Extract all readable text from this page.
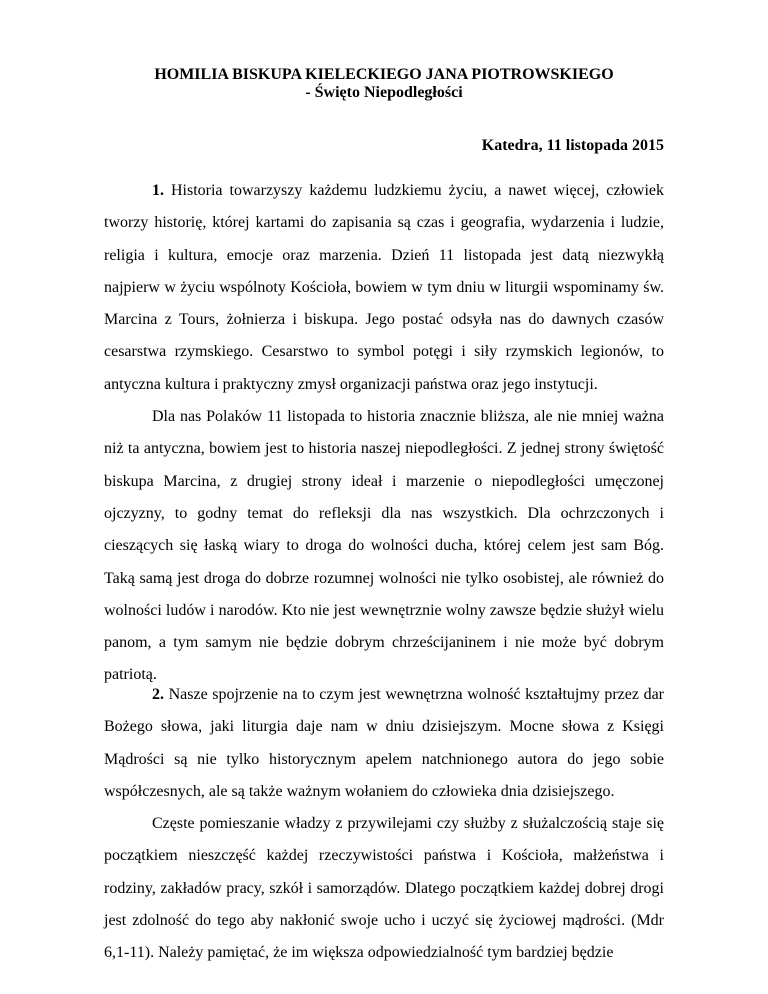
HOMILIA BISKUPA KIELECKIEGO JANA PIOTROWSKIEGO
- Święto Niepodległości
Katedra, 11 listopada 2015

1. Historia towarzyszy każdemu ludzkiemu życiu, a nawet więcej, człowiek tworzy historię, której kartami do zapisania są czas i geografia, wydarzenia i ludzie, religia i kultura, emocje oraz marzenia. Dzień 11 listopada jest datą niezwykłą najpierw w życiu wspólnoty Kościoła, bowiem w tym dniu w liturgii wspominamy św. Marcina z Tours, żołnierza i biskupa. Jego postać odsyła nas do dawnych czasów cesarstwa rzymskiego. Cesarstwo to symbol potęgi i siły rzymskich legionów, to antyczna kultura i praktyczny zmysł organizacji państwa oraz jego instytucji.

Dla nas Polaków 11 listopada to historia znacznie bliższa, ale nie mniej ważna niż ta antyczna, bowiem jest to historia naszej niepodległości. Z jednej strony świętość biskupa Marcina, z drugiej strony ideał i marzenie o niepodległości umęczonej ojczyzny, to godny temat do refleksji dla nas wszystkich. Dla ochrzczonych i cieszących się łaską wiary to droga do wolności ducha, której celem jest sam Bóg. Taką samą jest droga do dobrze rozumnej wolności nie tylko osobistej, ale również do wolności ludów i narodów. Kto nie jest wewnętrznie wolny zawsze będzie służył wielu panom, a tym samym nie będzie dobrym chrześcijaninem i nie może być dobrym patriotą.

2. Nasze spojrzenie na to czym jest wewnętrzna wolność kształtujmy przez dar Bożego słowa, jaki liturgia daje nam w dniu dzisiejszym. Mocne słowa z Księgi Mądrości są nie tylko historycznym apelem natchnionego autora do jego sobie współczesnych, ale są także ważnym wołaniem do człowieka dnia dzisiejszego.

Częste pomieszanie władzy z przywilejami czy służby z służalczością staje się początkiem nieszczęść każdej rzeczywistości państwa i Kościoła, małżeństwa i rodziny, zakładów pracy, szkół i samorządów. Dlatego początkiem każdej dobrej drogi jest zdolność do tego aby nakłonić swoje ucho i uczyć się życiowej mądrości. (Mdr 6,1-11). Należy pamiętać, że im większa odpowiedzialność tym bardziej będzie
